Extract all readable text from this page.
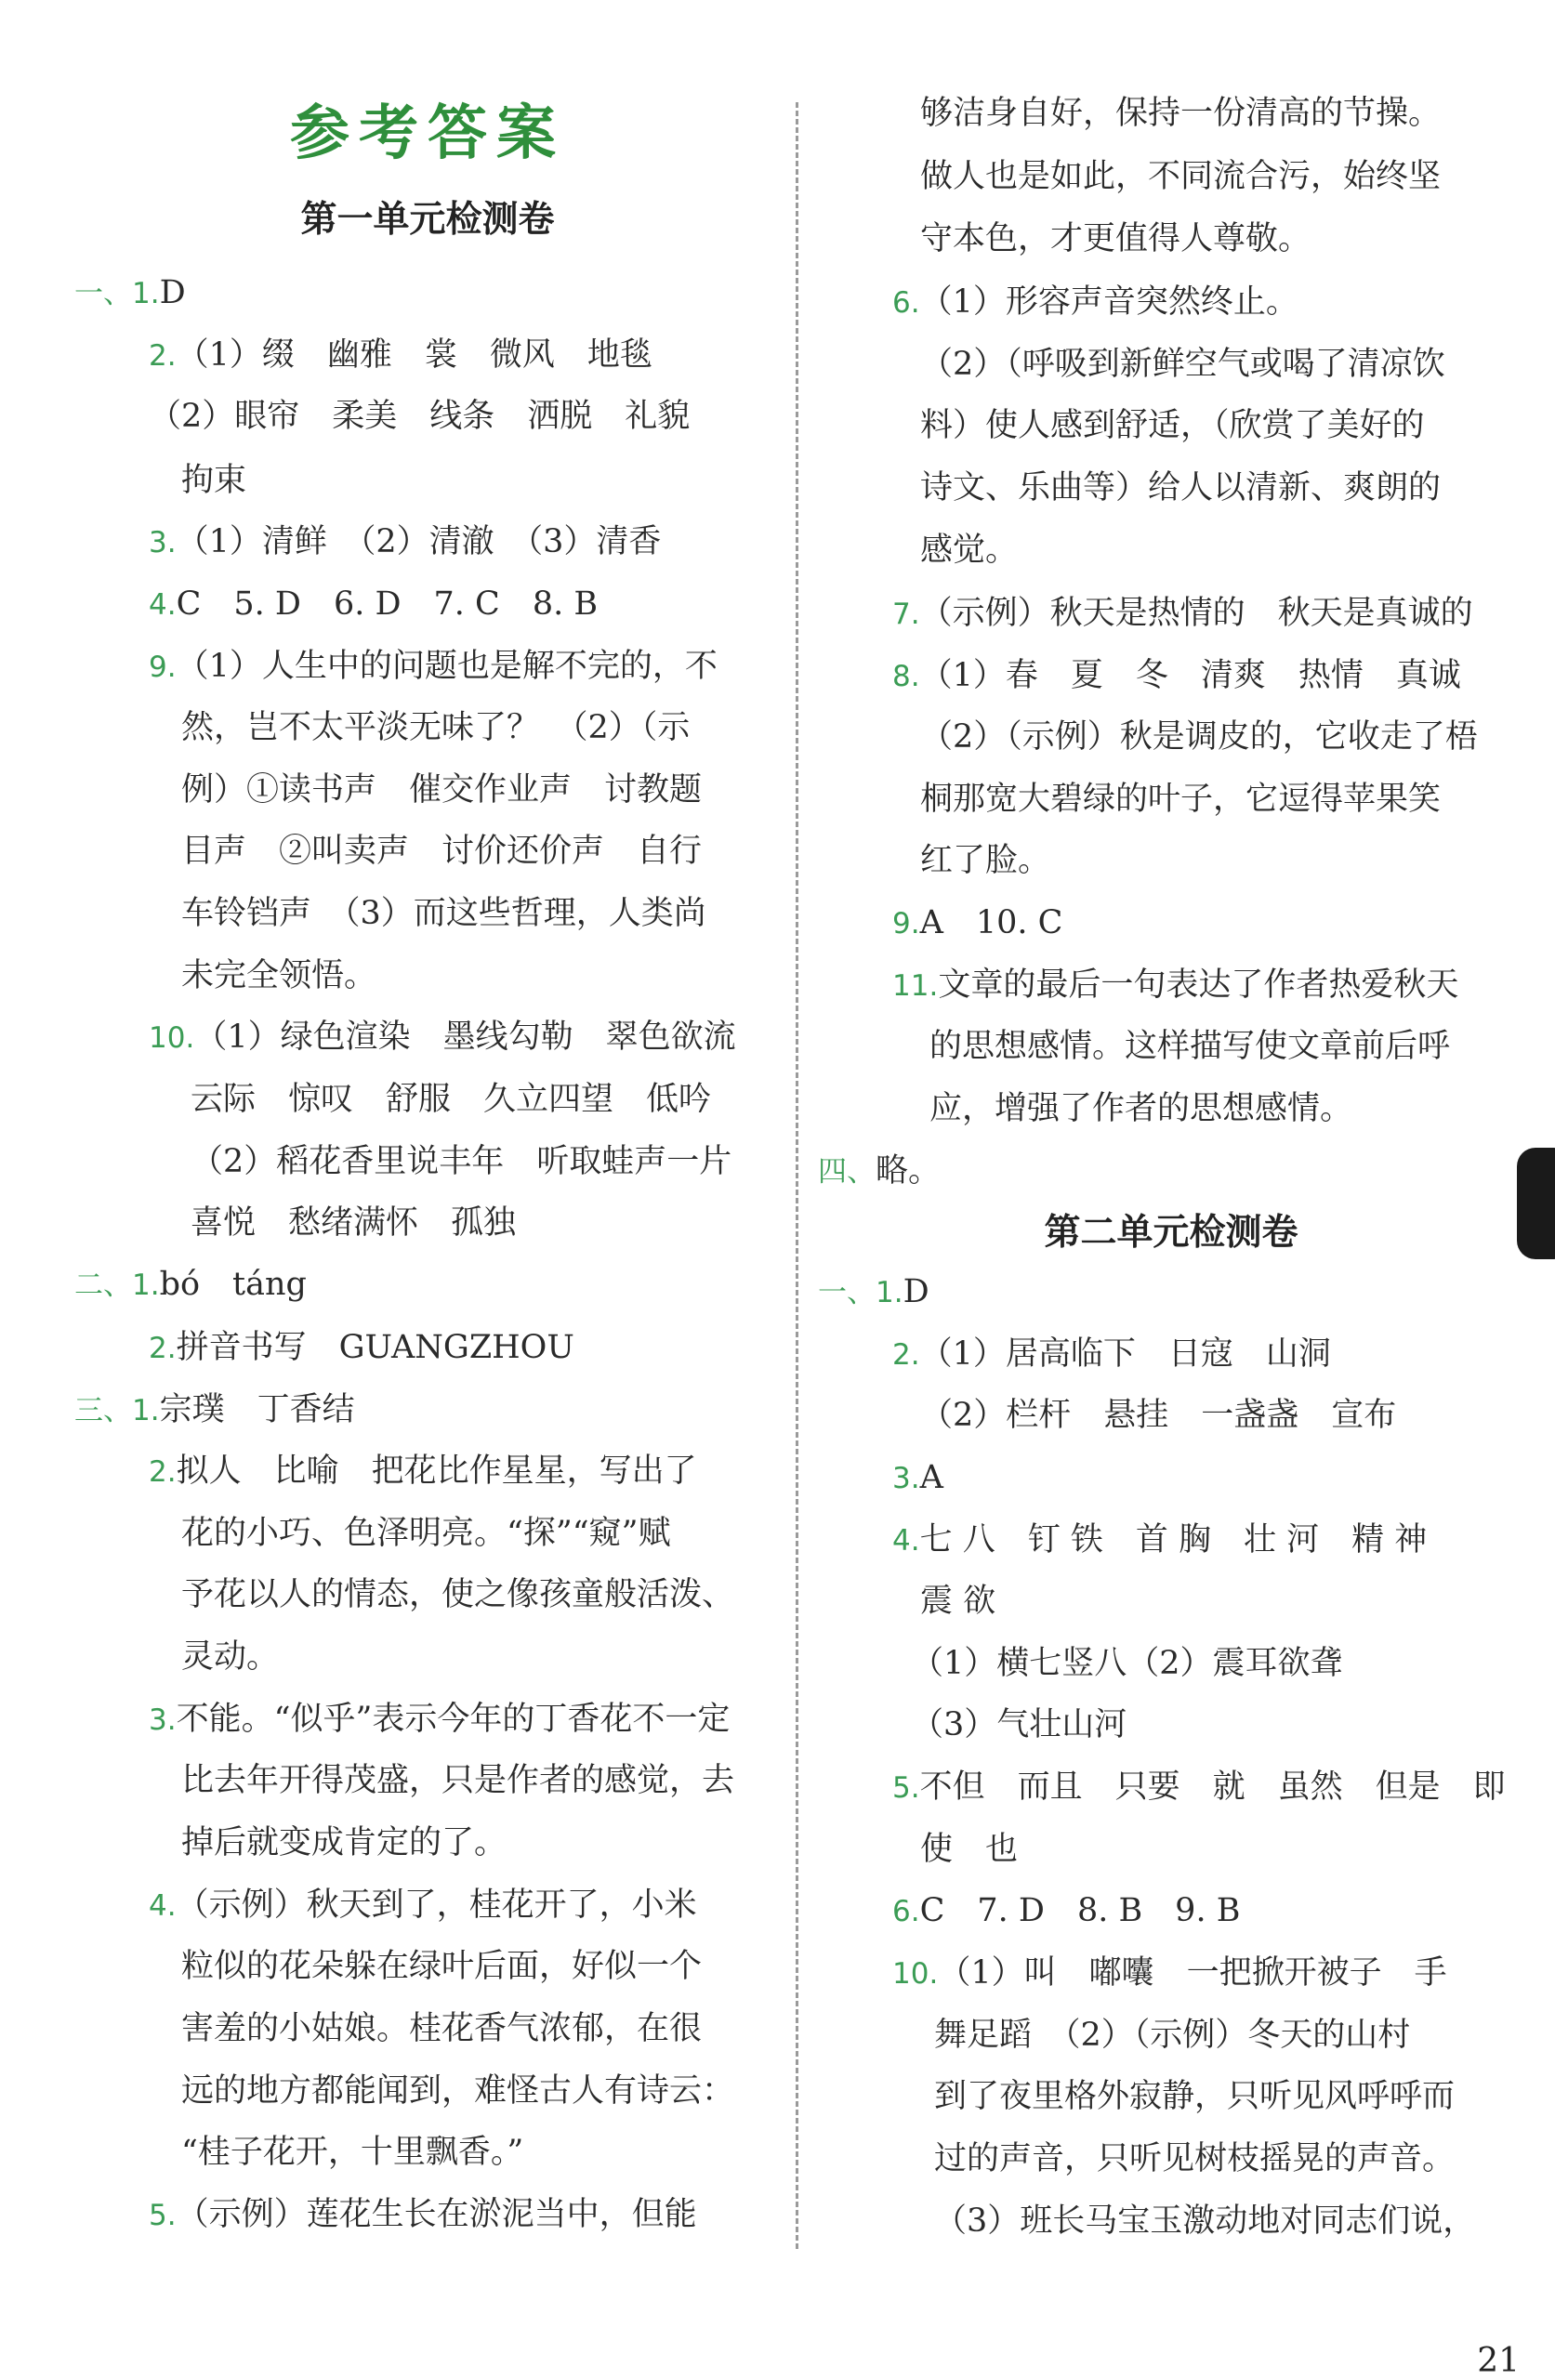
参考答案
第一单元检测卷
一、1.D
2.（1）缀　幽雅　裳　微风　地毯
（2）眼帘　柔美　线条　洒脱　礼貌
拘束
3.（1）清鲜　（2）清澈　（3）清香
4.C　5. D　6. D　7. C　8. B
9.（1）人生中的问题也是解不完的，不
然，岂不太平淡无味了？　（2）（示
例）①读书声　催交作业声　讨教题
目声　②叫卖声　讨价还价声　自行
车铃铛声　（3）而这些哲理，人类尚
未完全领悟。
10.（1）绿色渲染　墨线勾勒　翠色欲流
云际　惊叹　舒服　久立四望　低吟
（2）稻花香里说丰年　听取蛙声一片
喜悦　愁绪满怀　孤独
二、1.bó　táng
2.拼音书写　GUANGZHOU
三、1.宗璞　丁香结
2.拟人　比喻　把花比作星星，写出了
花的小巧、色泽明亮。“探”“窥”赋
予花以人的情态，使之像孩童般活泼、
灵动。
3.不能。“似乎”表示今年的丁香花不一定
比去年开得茂盛，只是作者的感觉，去
掉后就变成肯定的了。
4.（示例）秋天到了，桂花开了，小米
粒似的花朵躲在绿叶后面，好似一个
害羞的小姑娘。桂花香气浓郁，在很
远的地方都能闻到，难怪古人有诗云：
“桂子花开，十里飘香。”
5.（示例）莲花生长在淤泥当中，但能
第二单元检测卷
够洁身自好，保持一份清高的节操。
做人也是如此，不同流合污，始终坚
守本色，才更值得人尊敬。
6.（1）形容声音突然终止。
（2）（呼吸到新鲜空气或喝了清凉饮
料）使人感到舒适，（欣赏了美好的
诗文、乐曲等）给人以清新、爽朗的
感觉。
7.（示例）秋天是热情的　秋天是真诚的
8.（1）春　夏　冬　清爽　热情　真诚
（2）（示例）秋是调皮的，它收走了梧
桐那宽大碧绿的叶子，它逗得苹果笑
红了脸。
9.A　10. C
11.文章的最后一句表达了作者热爱秋天
的思想感情。这样描写使文章前后呼
应，增强了作者的思想感情。
四、略。
一、1.D
2.（1）居高临下　日寇　山洞
（2）栏杆　悬挂　一盏盏　宣布
3.A
4.七 八　钉 铁　首 胸　壮 河　精 神
震 欲
（1）横七竖八（2）震耳欲聋
（3）气壮山河
5.不但　而且　只要　就　虽然　但是　即
使　也
6.C　7. D　8. B　9. B
10.（1）叫　嘟囔　一把掀开被子　手
舞足蹈　（2）（示例）冬天的山村
到了夜里格外寂静，只听见风呼呼而
过的声音，只听见树枝摇晃的声音。
（3）班长马宝玉激动地对同志们说，
21
